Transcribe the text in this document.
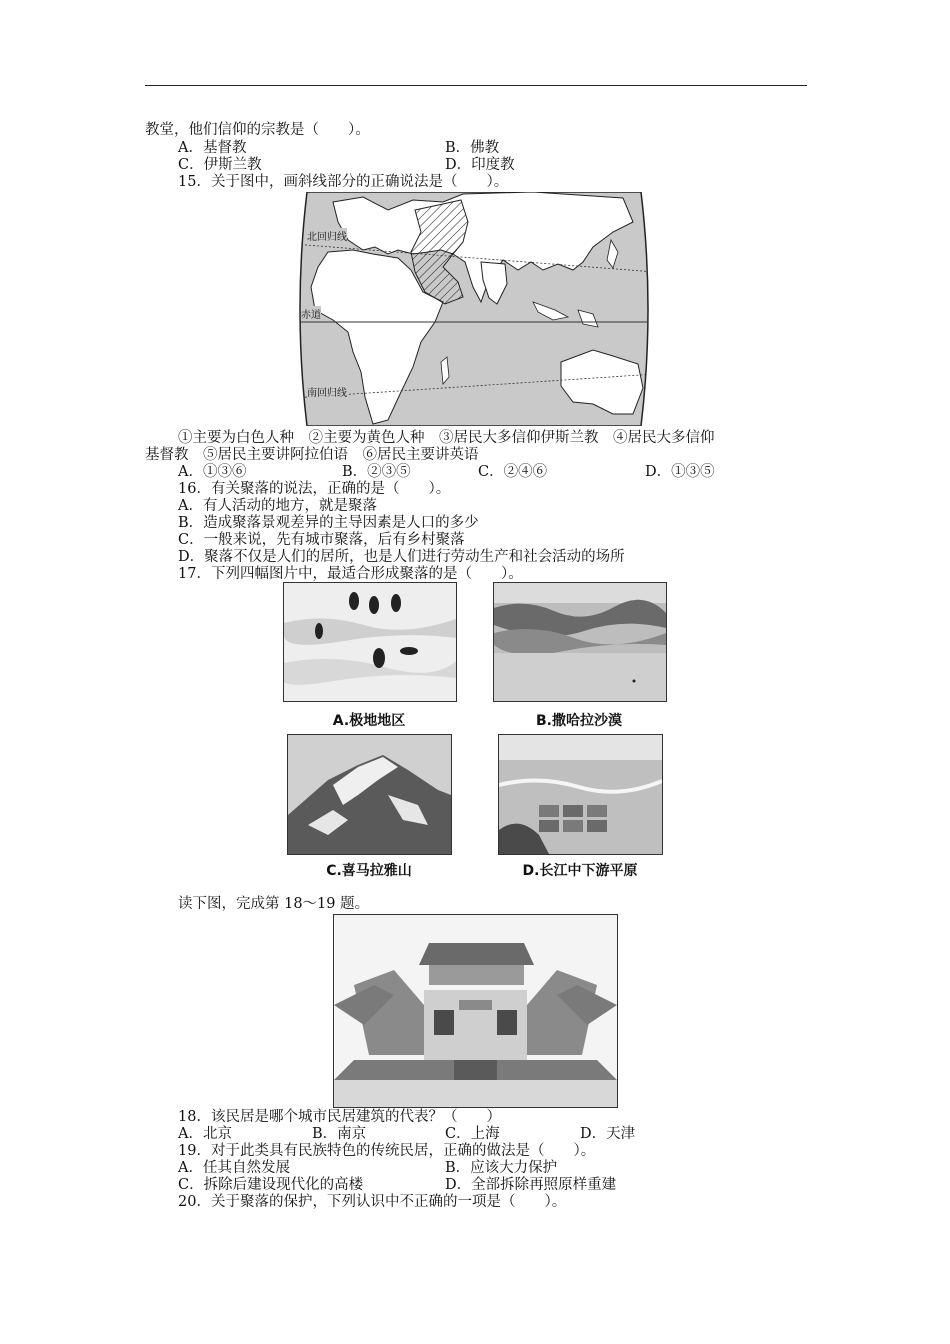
教堂，他们信仰的宗教是（　　）。
A．基督教	B．佛教
C．伊斯兰教	D．印度教
15．关于图中，画斜线部分的正确说法是（　　）。
北回归线
赤道
南回归线
①主要为白色人种　②主要为黄色人种　③居民大多信仰伊斯兰教　④居民大多信仰
基督教　⑤居民主要讲阿拉伯语　⑥居民主要讲英语
A．①③⑥	B．②③⑤	C．②④⑥	D．①③⑤
16．有关聚落的说法，正确的是（　　）。
A．有人活动的地方，就是聚落
B．造成聚落景观差异的主导因素是人口的多少
C．一般来说，先有城市聚落，后有乡村聚落
D．聚落不仅是人们的居所，也是人们进行劳动生产和社会活动的场所
17．下列四幅图片中，最适合形成聚落的是（　　）。
A.极地地区	B.撒哈拉沙漠
C.喜马拉雅山	D.长江中下游平原
读下图，完成第 18～19 题。
18．该民居是哪个城市民居建筑的代表？（　　）
A．北京	B．南京	C．上海	D．天津
19．对于此类具有民族特色的传统民居，正确的做法是（　　）。
A．任其自然发展	B．应该大力保护
C．拆除后建设现代化的高楼	D．全部拆除再照原样重建
20．关于聚落的保护，下列认识中不正确的一项是（　　）。
